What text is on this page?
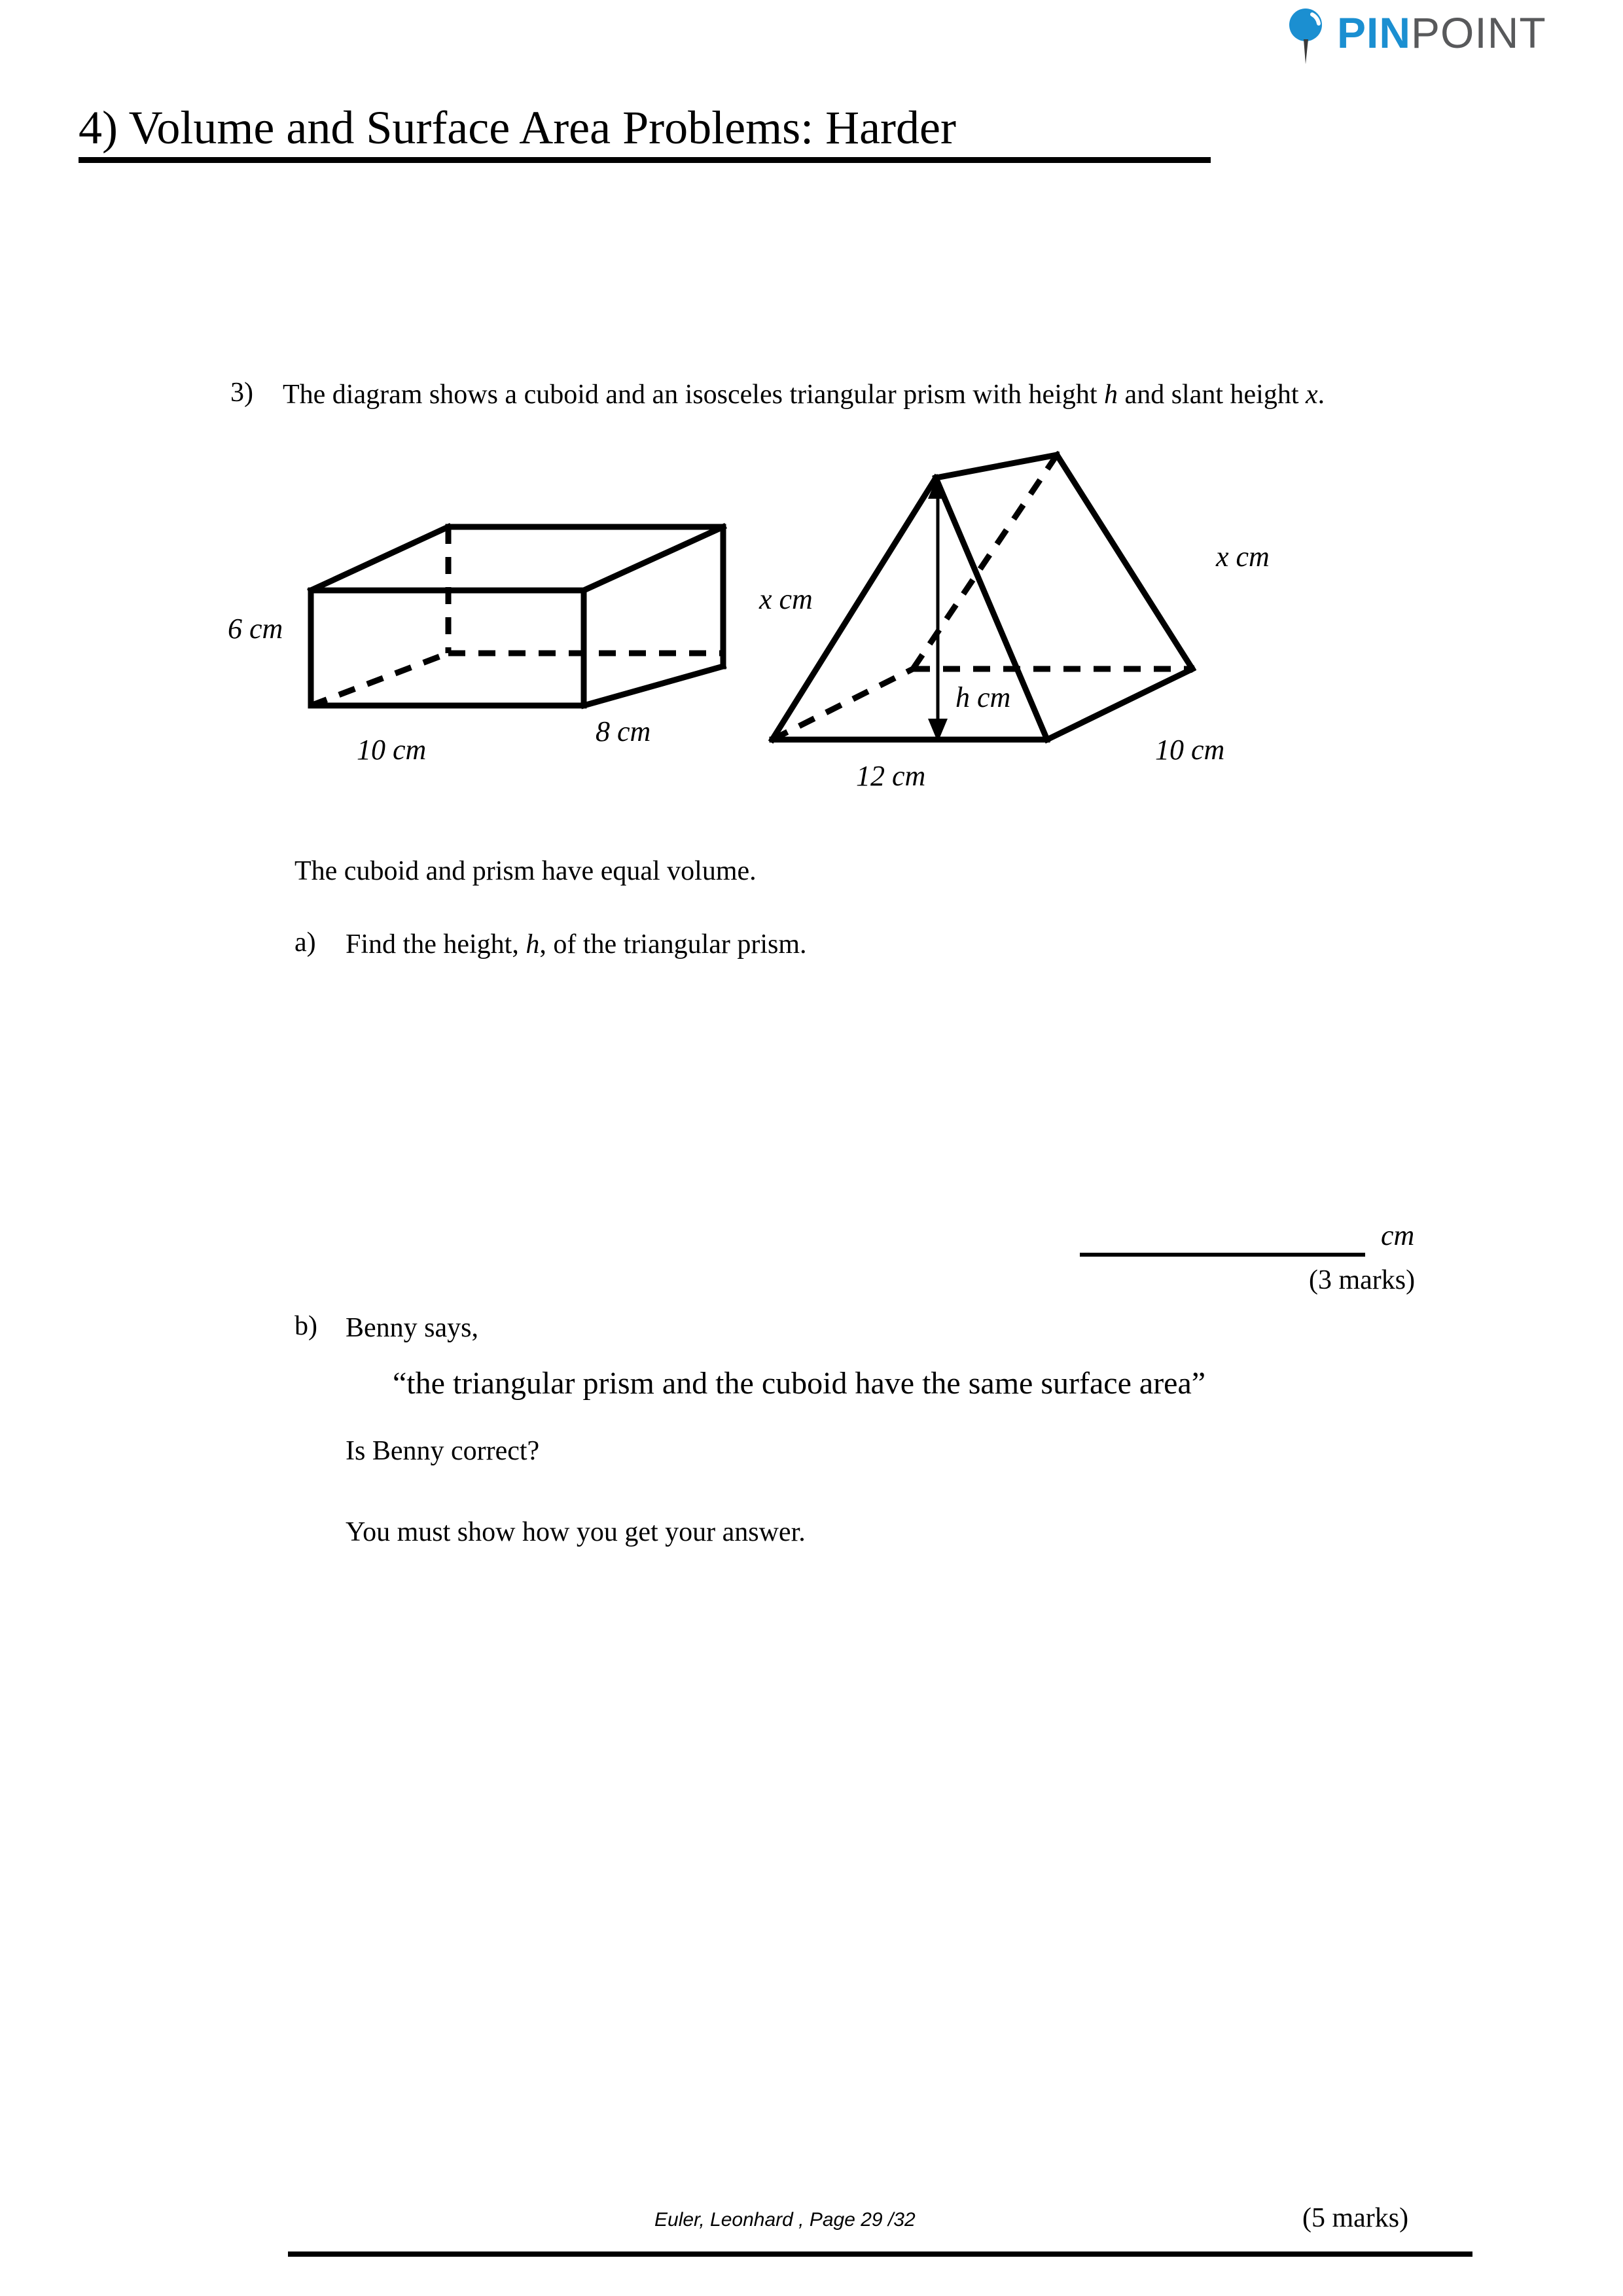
PINPOINT
4) Volume and Surface Area Problems: Harder
3) The diagram shows a cuboid and an isosceles triangular prism with height h and slant height x.
6 cm
10 cm
8 cm
x cm
x cm
h cm
12 cm
10 cm
The cuboid and prism have equal volume.
a) Find the height, h, of the triangular prism.
cm
(3 marks)
b) Benny says,
“the triangular prism and the cuboid have the same surface area”
Is Benny correct?
You must show how you get your answer.
Euler, Leonhard , Page 29 /32	(5 marks)
